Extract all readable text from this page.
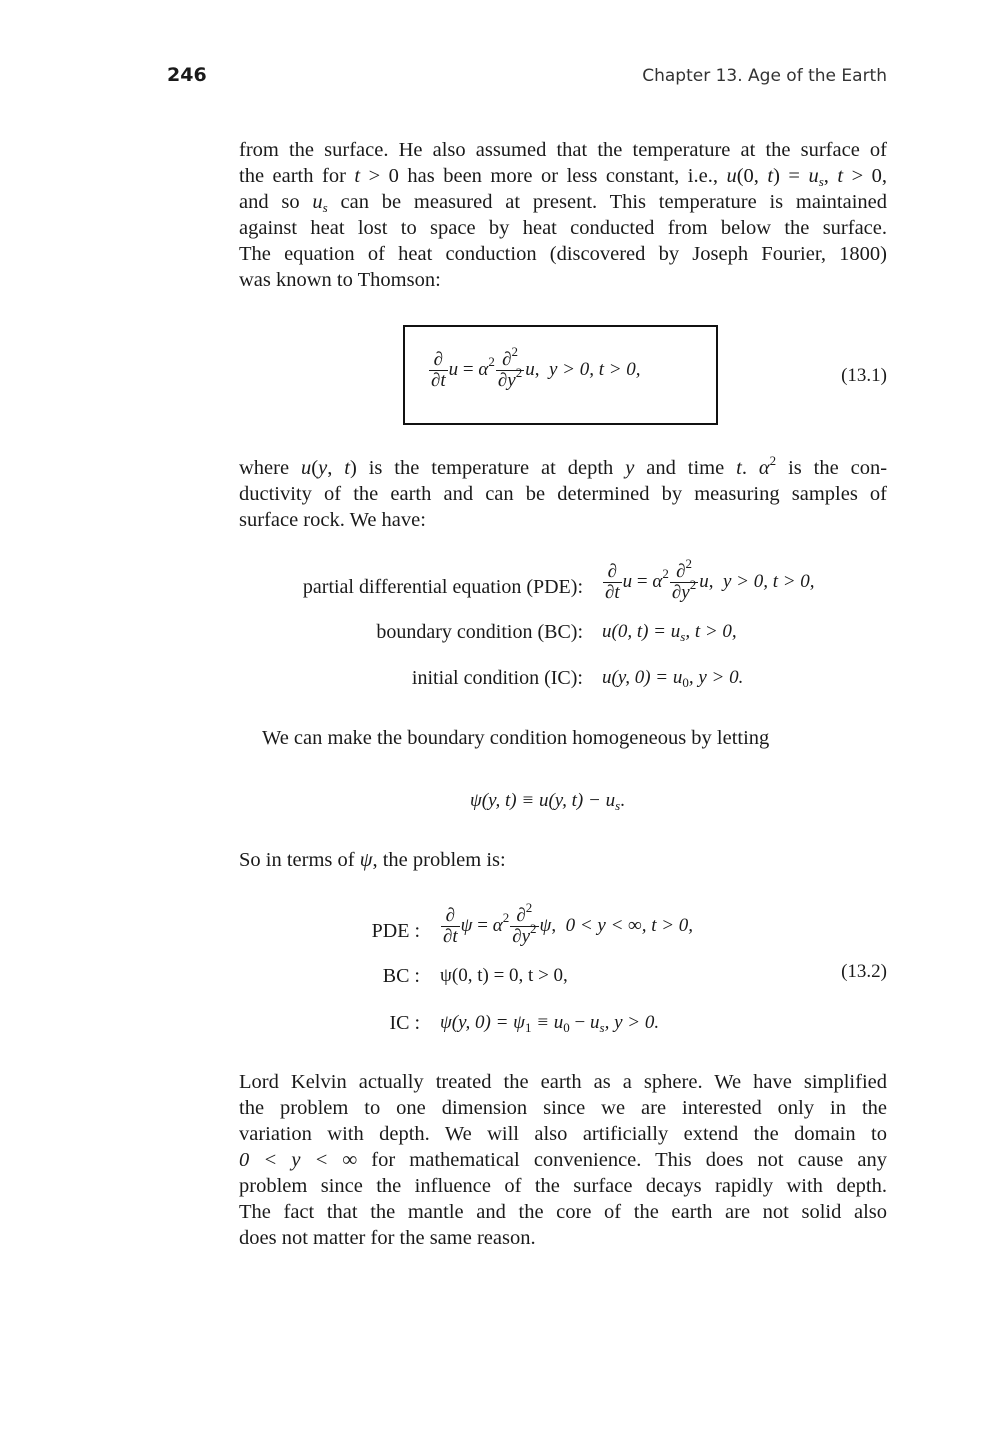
246	Chapter 13. Age of the Earth
from the surface. He also assumed that the temperature at the surface of
the earth for t > 0 has been more or less constant, i.e., u(0, $t) = u_s$, t > 0,
and so $u_s$ can be measured at present. This temperature is maintained
against heat lost to space by heat conducted from below the surface.
The equation of heat conduction (discovered by Joseph Fourier, 1800)
was known to Thomson:
$\frac{\partial}{\partial t}$ $u = \alpha^2 \frac{\partial^2}{\partial y^2} u$,  y > 0, t > 0,	(13.1)
where u(y, t) is the temperature at depth y and time t. $\alpha^2$ is the con-
ductivity of the earth and can be determined by measuring samples of
surface rock. We have:
partial differential equation (PDE): $\frac{\partial}{\partial t}$ $u = \alpha^2 \frac{\partial^2}{\partial y^2} u$,  y > 0, t > 0,
boundary condition (BC): u(0, $t) = u_s$, t > 0,
initial condition (IC): u(y, $0) = u_0$, y > 0.
We can make the boundary condition homogeneous by letting
ψ(y, t) ≡ u(y, $t) - u_s$.
So in terms of ψ, the problem is:
PDE : $\frac{\partial}{\partial t}$ $\psi = \alpha^2 \frac{\partial^2}{\partial y^2} \psi$,  0 < y < ∞, t > 0,
BC : ψ(0, t) = 0, t > 0,	(13.2)
IC : ψ(y, $0) = \psi_1 \equiv u_0 - u_s$, y > 0.
Lord Kelvin actually treated the earth as a sphere. We have simplified
the problem to one dimension since we are interested only in the
variation with depth. We will also artificially extend the domain to
0 < y < ∞ for mathematical convenience. This does not cause any
problem since the influence of the surface decays rapidly with depth.
The fact that the mantle and the core of the earth are not solid also
does not matter for the same reason.
